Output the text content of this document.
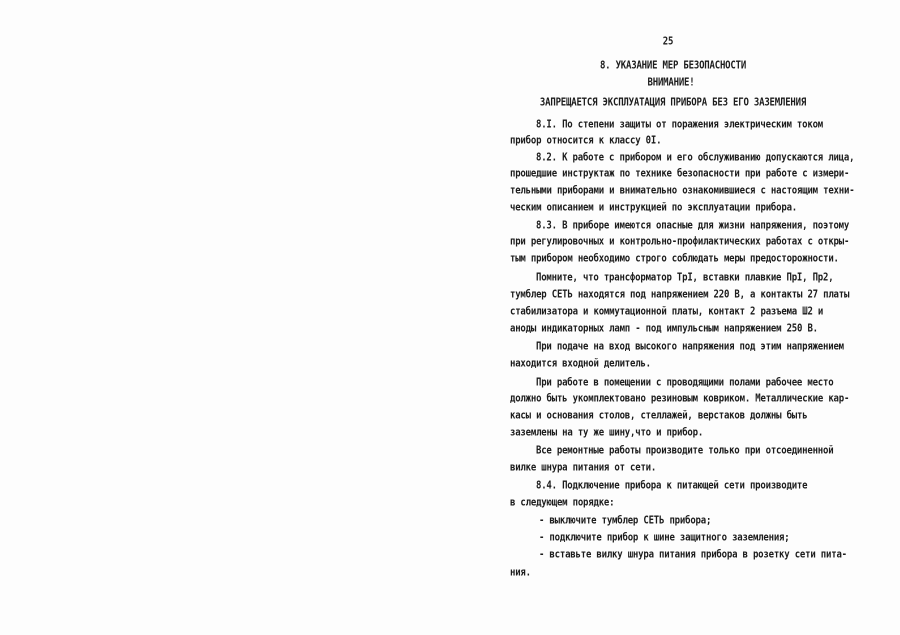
25
8. УКАЗАНИЕ МЕР БЕЗОПАСНОСТИ
ВНИМАНИЕ!
ЗАПРЕЩАЕТСЯ ЭКСПЛУАТАЦИЯ ПРИБОРА БЕЗ ЕГО ЗАЗЕМЛЕНИЯ
8.I. По степени защиты от поражения электрическим током
прибор относится к классу 0I.
8.2. К работе с прибором и его обслуживанию допускаются лица,
прошедшие инструктаж по технике безопасности при работе с измери-
тельными приборами и внимательно ознакомившиеся с настоящим техни-
ческим описанием и инструкцией по эксплуатации прибора.
8.3. В приборе имеются опасные для жизни напряжения, поэтому
при регулировочных и контрольно-профилактических работах с откры-
тым прибором необходимо строго соблюдать меры предосторожности.
Помните, что трансформатор ТрI, вставки плавкие ПрI, Пр2,
тумблер СЕТЬ находятся под напряжением 220 В, а контакты 27 платы
стабилизатора и коммутационной платы, контакт 2 разъема Ш2 и
аноды индикаторных ламп - под импульсным напряжением 250 В.
При подаче на вход высокого напряжения под этим напряжением
находится входной делитель.
При работе в помещении с проводящими полами рабочее место
должно быть укомплектовано резиновым ковриком. Металлические кар-
касы и основания столов, стеллажей, верстаков должны быть
заземлены на ту же шину,что и прибор.
Все ремонтные работы производите только при отсоединенной
вилке шнура питания от сети.
8.4. Подключение прибора к питающей сети производите
в следующем порядке:
- выключите тумблер СЕТЬ прибора;
- подключите прибор к шине защитного заземления;
- вставьте вилку шнура питания прибора в розетку сети пита-
ния.
